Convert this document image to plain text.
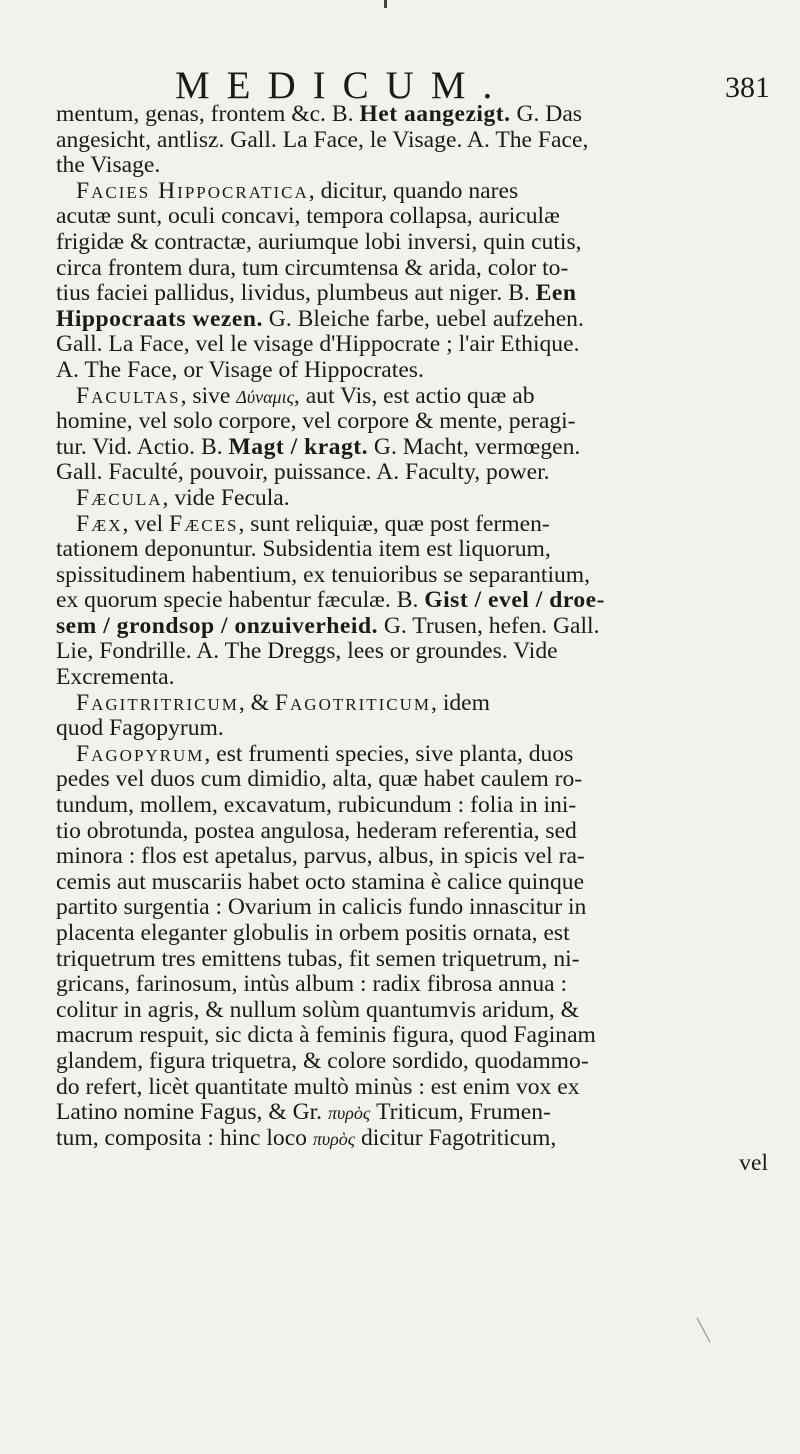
MEDICUM.	381
mentum, genas, frontem &c. B. Het aangezigt. G. Das
angesicht, antlisz. Gall. La Face, le Visage. A. The Face,
the Visage.
Facies Hippocratica, dicitur, quando nares
acutæ sunt, oculi concavi, tempora collapsa, auriculæ
frigidæ & contractæ, auriumque lobi inversi, quin cutis,
circa frontem dura, tum circumtensa & arida, color to-
tius faciei pallidus, lividus, plumbeus aut niger. B. Een
Hippocraats wezen. G. Bleiche farbe, uebel aufzehen.
Gall. La Face, vel le visage d'Hippocrate ; l'air Ethique.
A. The Face, or Visage of Hippocrates.
Facultas, sive Δύναμις, aut Vis, est actio quæ ab
homine, vel solo corpore, vel corpore & mente, peragi-
tur. Vid. Actio. B. Magt / kragt. G. Macht, vermœgen.
Gall. Faculté, pouvoir, puissance. A. Faculty, power.
Fæcula, vide Fecula.
Fæx, vel Fæces, sunt reliquiæ, quæ post fermen-
tationem deponuntur. Subsidentia item est liquorum,
spissitudinem habentium, ex tenuioribus se separantium,
ex quorum specie habentur fæculæ. B. Gist / evel / droe-
sem / grondsop / onzuiverheid. G. Trusen, hefen. Gall.
Lie, Fondrille. A. The Dreggs, lees or groundes. Vide
Excrementa.
Fagitritricum, & Fagotriticum, idem
quod Fagopyrum.
Fagopyrum, est frumenti species, sive planta, duos
pedes vel duos cum dimidio, alta, quæ habet caulem ro-
tundum, mollem, excavatum, rubicundum : folia in ini-
tio obrotunda, postea angulosa, hederam referentia, sed
minora : flos est apetalus, parvus, albus, in spicis vel ra-
cemis aut muscariis habet octo stamina è calice quinque
partito surgentia : Ovarium in calicis fundo innascitur in
placenta eleganter globulis in orbem positis ornata, est
triquetrum tres emittens tubas, fit semen triquetrum, ni-
gricans, farinosum, intùs album : radix fibrosa annua :
colitur in agris, & nullum solùm quantumvis aridum, &
macrum respuit, sic dicta à feminis figura, quod Faginam
glandem, figura triquetra, & colore sordido, quodammo-
do refert, licèt quantitate multò minùs : est enim vox ex
Latino nomine Fagus, & Gr. πυρὸς Triticum, Frumen-
tum, composita : hinc loco πυρὸς dicitur Fagotriticum,
vel
